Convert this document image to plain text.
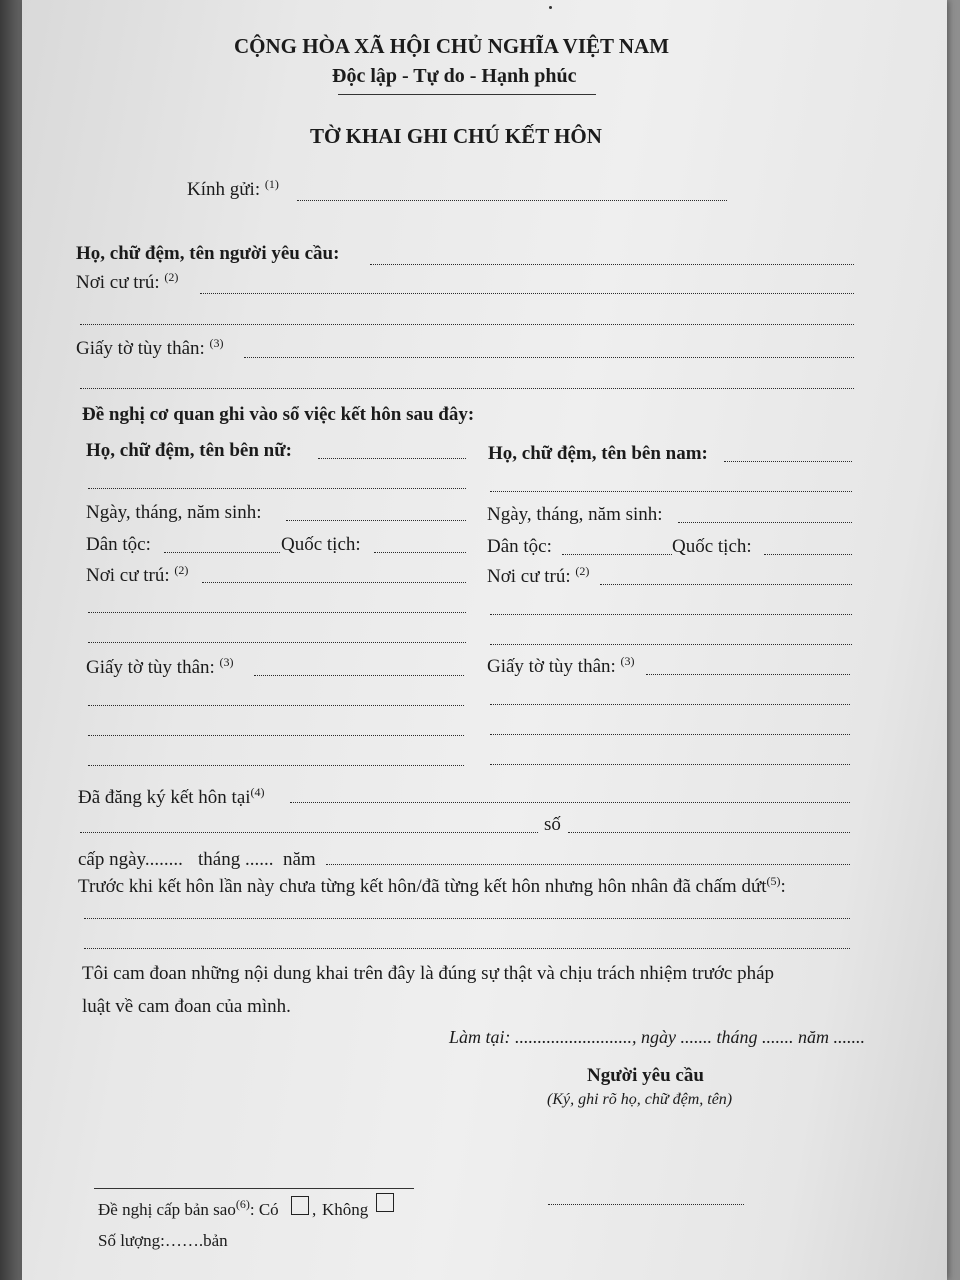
CỘNG HÒA XÃ HỘI CHỦ NGHĨA VIỆT NAM
Độc lập - Tự do - Hạnh phúc
TỜ KHAI GHI CHÚ KẾT HÔN
Kính gửi: $^{(1)}$
Họ, chữ đệm, tên người yêu cầu:
Nơi cư trú: $^{(2)}$
Giấy tờ tùy thân: $^{(3)}$
Đề nghị cơ quan ghi vào sổ việc kết hôn sau đây:
Họ, chữ đệm, tên bên nữ:
Ngày, tháng, năm sinh:
Dân tộc:	Quốc tịch:
Nơi cư trú: $^{(2)}$
Giấy tờ tùy thân: $^{(3)}$
Họ, chữ đệm, tên bên nam:
Ngày, tháng, năm sinh:
Dân tộc:	Quốc tịch:
Nơi cư trú: $^{(2)}$
Giấy tờ tùy thân: $^{(3)}$
Đã đăng ký kết hôn tại$^{(4)}$
số
cấp ngày........ tháng ...... năm
Trước khi kết hôn lần này chưa từng kết hôn/đã từng kết hôn nhưng hôn nhân đã chấm dứt$^{(5)}$:
Tôi cam đoan những nội dung khai trên đây là đúng sự thật và chịu trách nhiệm trước pháp
luật về cam đoan của mình.
Làm tại: .........................., ngày ....... tháng ....... năm .......
Người yêu cầu
(Ký, ghi rõ họ, chữ đệm, tên)
Đề nghị cấp bản sao$^{(6)}$: Có , Không
Số lượng:…….bản
